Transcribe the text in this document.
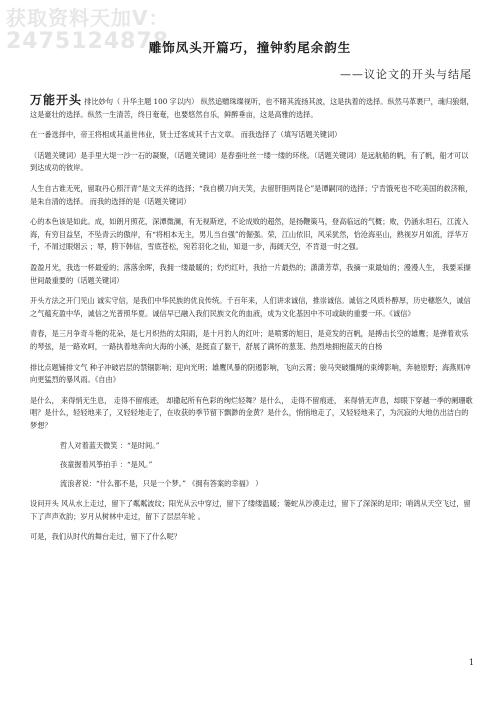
获取资料天加V：
2475124878
雕饰凤头开篇巧，撞钟豹尾余韵生
——议论文的开头与结尾

万能开头 排比妙句（ 升华主题 100 字以内） 纵然追赠珠璨视听，也不睹其流扬其波，这是执着的选择。纵然马革裹尸，魂归狼烟，这是豪壮的选择。纵然一生清苦，终日奄奄，也要悠然自乐，鲜醉垂亩，这是高雅的选择。

在一番选择中，帝王将相成其盖世伟业，贤士迁客成其千古文章。 而我选择了（填写话题关键词）

（话题关键词）是手里大堤一沙一石的凝聚，（话题关键词）是春蚕吐丝一缕一缕的环绕。（话题关键词）是远航船的帆，有了帆，船才可以到达成功的彼岸。

人生自古谁无死，留取丹心照汗青”是文天祥的选择；“我自横刀向天笑，去留肝胆两昆仑”是谭嗣同的选择；宁肯饿死也不吃美国的救济粮，是朱自清的选择。 而我的选择的是（话题关键词）

心的本色该是如此。成，如朗月照花，深潭微澜，有无视斯逆，不论成败的超然，是扬鞭策马，登高临远的气概；败，仍涵永坦石，江流入海，有穷目益坚，不坠青云的傲岸，有“将相本无主，男儿当自强”的倔强。荣，江山依旧，风采犹然，恰沧海巫山，熟视岁月如流，浮华万千，不屑过眼烟云 ；辱，胯下韩信，雪底苍松，宛若羽化之仙，知退一步，海阔天空，不肯退一时之强。

盈盈月光，我选一杯最爱的；落落余晖，我拥一缕最暖的；灼灼红叶，我拾一片最热的；潇潇芳草，我摘一束最灿的；漫漫人生， 我要采撷世间最重要的（话题关键词）

开头方法之开门见山 诚实守信，是我们中华民族的优良传统。千百年来，人们讲求诚信，推崇诚信。诚信之风质朴醇厚，历史穗悠久，诚信之气蕴充盈中华，诚信之光普照华夏。诚信早已融入我们民族文化的血液，成为文化基因中不可或缺的重要一环。《诚信》

青春，是三月争奇斗艳的花朵，是七月炽热的太阳雨，是十月豹人的红叶；是喷雾的旭日，是竞发的百帆，是搏击长空的雄鹰；是弹着欢乐的琴弦，是一路欢呵，一路执着地奔向大海的小溪，是挺直了躯干，舒展了满怀的葱茏、热烈地拥抱蓝天的白杨

排比点题铺排文气 种子冲破岩层的禁锢影响；迎向光明；雄鹰风暴的阴遏影响，飞向云霄；骏马突破缰绳的束缚影响，奔驰原野；海燕则冲向更猛烈的暴风雨。《自由》

是什么， 来得悄无生息， 走得不留痕迹， 却撒起所有色彩的绚烂轻舞？是什么， 走得不留痕迹， 来得悄无声息，却眼下穿越一季的阑珊歌唱？是什么，轻轻地来了，又轻轻地走了，在收获的季节留下飘渺的金黄？是什么，悄悄地走了，又轻轻地来了，为沉寂的大地仿出洁白的梦想？

哲人对着蓝天微笑 ：“是时间。”

孩童握着风筝拍手 ：“是风。”

流浪者说：“什么都不是，只是一个梦。” 《拥有答案的幸福》 ）

设问开头 风从水上走过，留下了粼粼波纹；阳光从云中穿过，留下了缕缕温暖；篓蛇从沙漠走过，留下了深深的足印；哨鸽从天空飞过，留下了声声欢韵；岁月从树林中走过，留下了层层年轮 。

可是，我们从时代的舞台走过，留下了什么呢？

1
